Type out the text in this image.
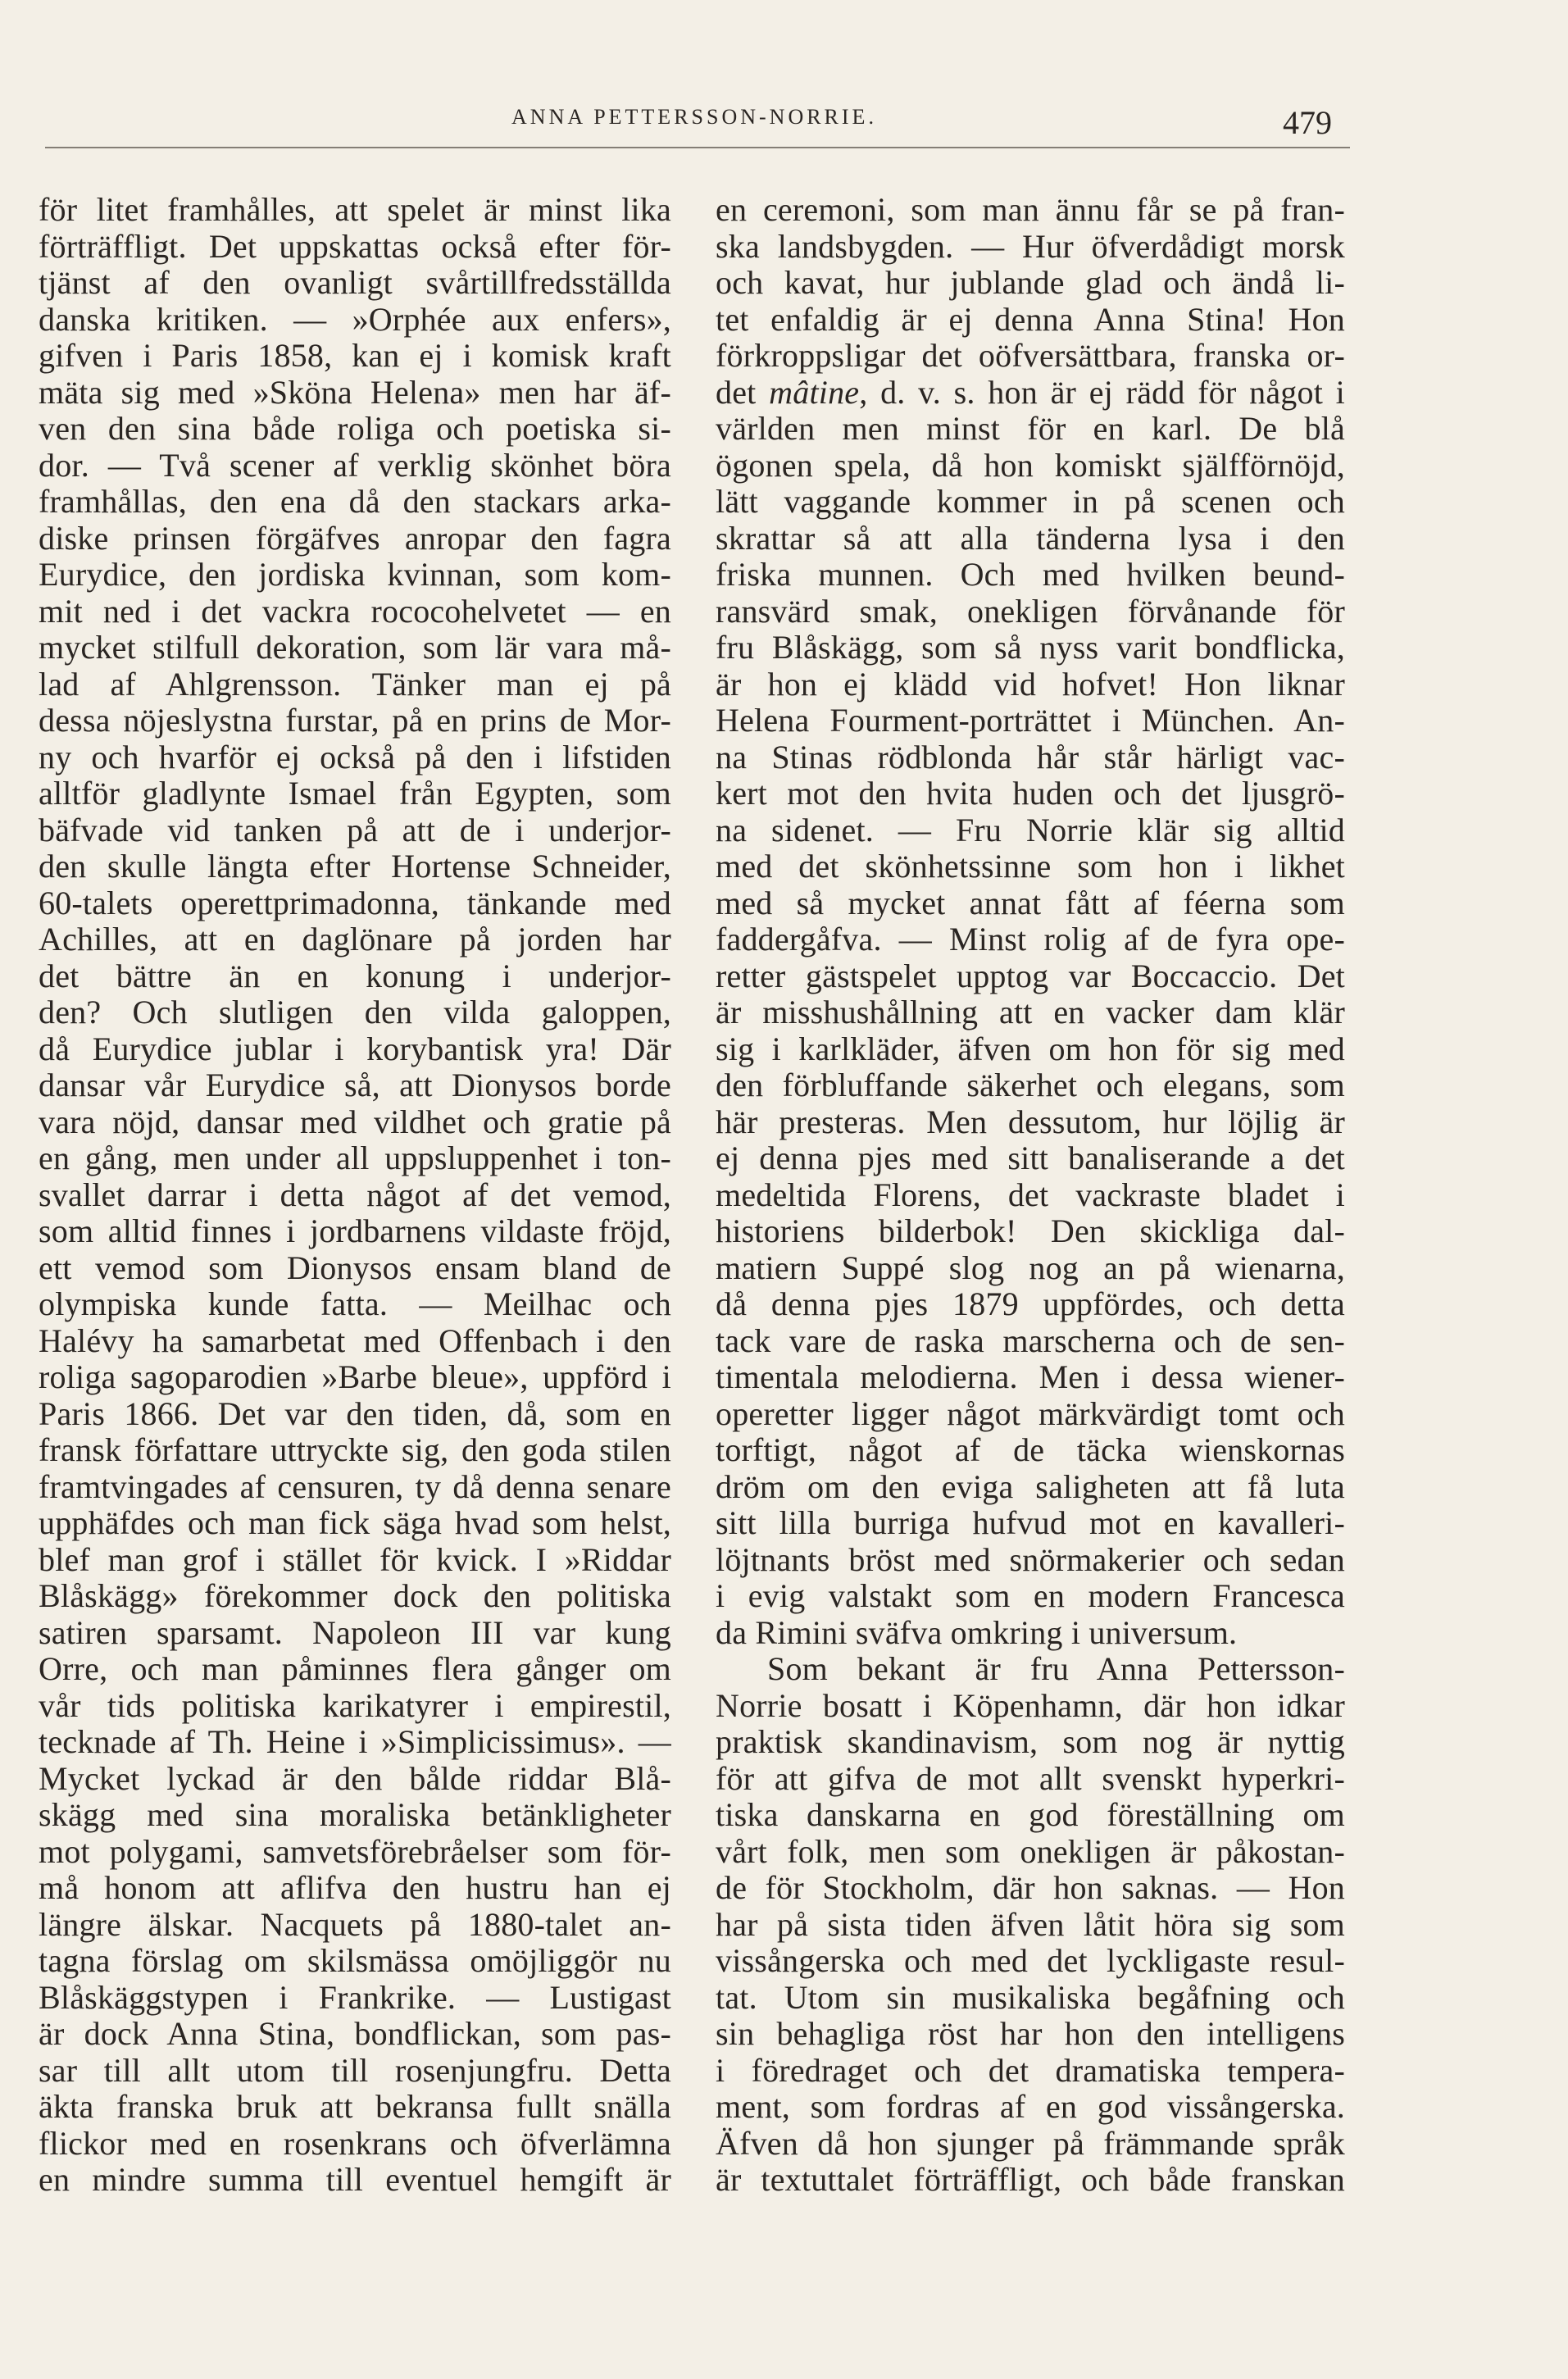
ANNA PETTERSSON-NORRIE.	479
för litet framhålles, att spelet är minst lika
förträffligt. Det uppskattas också efter för-
tjänst af den ovanligt svårtillfredsställda
danska kritiken. — »Orphée aux enfers»,
gifven i Paris 1858, kan ej i komisk kraft
mäta sig med »Sköna Helena» men har äf-
ven den sina både roliga och poetiska si-
dor. — Två scener af verklig skönhet böra
framhållas, den ena då den stackars arka-
diske prinsen förgäfves anropar den fagra
Eurydice, den jordiska kvinnan, som kom-
mit ned i det vackra rococohelvetet — en
mycket stilfull dekoration, som lär vara må-
lad af Ahlgrensson. Tänker man ej på
dessa nöjeslystna furstar, på en prins de Mor-
ny och hvarför ej också på den i lifstiden
alltför gladlynte Ismael från Egypten, som
bäfvade vid tanken på att de i underjor-
den skulle längta efter Hortense Schneider,
60-talets operettprimadonna, tänkande med
Achilles, att en daglönare på jorden har
det bättre än en konung i underjor-
den? Och slutligen den vilda galoppen,
då Eurydice jublar i korybantisk yra! Där
dansar vår Eurydice så, att Dionysos borde
vara nöjd, dansar med vildhet och gratie på
en gång, men under all uppsluppenhet i ton-
svallet darrar i detta något af det vemod,
som alltid finnes i jordbarnens vildaste fröjd,
ett vemod som Dionysos ensam bland de
olympiska kunde fatta. — Meilhac och
Halévy ha samarbetat med Offenbach i den
roliga sagoparodien »Barbe bleue», uppförd i
Paris 1866. Det var den tiden, då, som en
fransk författare uttryckte sig, den goda stilen
framtvingades af censuren, ty då denna senare
upphäfdes och man fick säga hvad som helst,
blef man grof i stället för kvick. I »Riddar
Blåskägg» förekommer dock den politiska
satiren sparsamt. Napoleon III var kung
Orre, och man påminnes flera gånger om
vår tids politiska karikatyrer i empirestil,
tecknade af Th. Heine i »Simplicissimus». —
Mycket lyckad är den bålde riddar Blå-
skägg med sina moraliska betänkligheter
mot polygami, samvetsförebråelser som för-
må honom att aflifva den hustru han ej
längre älskar. Nacquets på 1880-talet an-
tagna förslag om skilsmässa omöjliggör nu
Blåskäggstypen i Frankrike. — Lustigast
är dock Anna Stina, bondflickan, som pas-
sar till allt utom till rosenjungfru. Detta
äkta franska bruk att bekransa fullt snälla
flickor med en rosenkrans och öfverlämna
en mindre summa till eventuel hemgift är
en ceremoni, som man ännu får se på fran-
ska landsbygden. — Hur öfverdådigt morsk
och kavat, hur jublande glad och ändå li-
tet enfaldig är ej denna Anna Stina! Hon
förkroppsligar det oöfversättbara, franska or-
det mâtine, d. v. s. hon är ej rädd för något i
världen men minst för en karl. De blå
ögonen spela, då hon komiskt själfförnöjd,
lätt vaggande kommer in på scenen och
skrattar så att alla tänderna lysa i den
friska munnen. Och med hvilken beund-
ransvärd smak, onekligen förvånande för
fru Blåskägg, som så nyss varit bondflicka,
är hon ej klädd vid hofvet! Hon liknar
Helena Fourment-porträttet i München. An-
na Stinas rödblonda hår står härligt vac-
kert mot den hvita huden och det ljusgrö-
na sidenet. — Fru Norrie klär sig alltid
med det skönhetssinne som hon i likhet
med så mycket annat fått af féerna som
faddergåfva. — Minst rolig af de fyra ope-
retter gästspelet upptog var Boccaccio. Det
är misshushållning att en vacker dam klär
sig i karlkläder, äfven om hon för sig med
den förbluffande säkerhet och elegans, som
här presteras. Men dessutom, hur löjlig är
ej denna pjes med sitt banaliserande a det
medeltida Florens, det vackraste bladet i
historiens bilderbok! Den skickliga dal-
matiern Suppé slog nog an på wienarna,
då denna pjes 1879 uppfördes, och detta
tack vare de raska marscherna och de sen-
timentala melodierna. Men i dessa wiener-
operetter ligger något märkvärdigt tomt och
torftigt, något af de täcka wienskornas
dröm om den eviga saligheten att få luta
sitt lilla burriga hufvud mot en kavalleri-
löjtnants bröst med snörmakerier och sedan
i evig valstakt som en modern Francesca
da Rimini sväfva omkring i universum.
Som bekant är fru Anna Pettersson-
Norrie bosatt i Köpenhamn, där hon idkar
praktisk skandinavism, som nog är nyttig
för att gifva de mot allt svenskt hyperkri-
tiska danskarna en god föreställning om
vårt folk, men som onekligen är påkostan-
de för Stockholm, där hon saknas. — Hon
har på sista tiden äfven låtit höra sig som
vissångerska och med det lyckligaste resul-
tat. Utom sin musikaliska begåfning och
sin behagliga röst har hon den intelligens
i föredraget och det dramatiska tempera-
ment, som fordras af en god vissångerska.
Äfven då hon sjunger på främmande språk
är textuttalet förträffligt, och både franskan
